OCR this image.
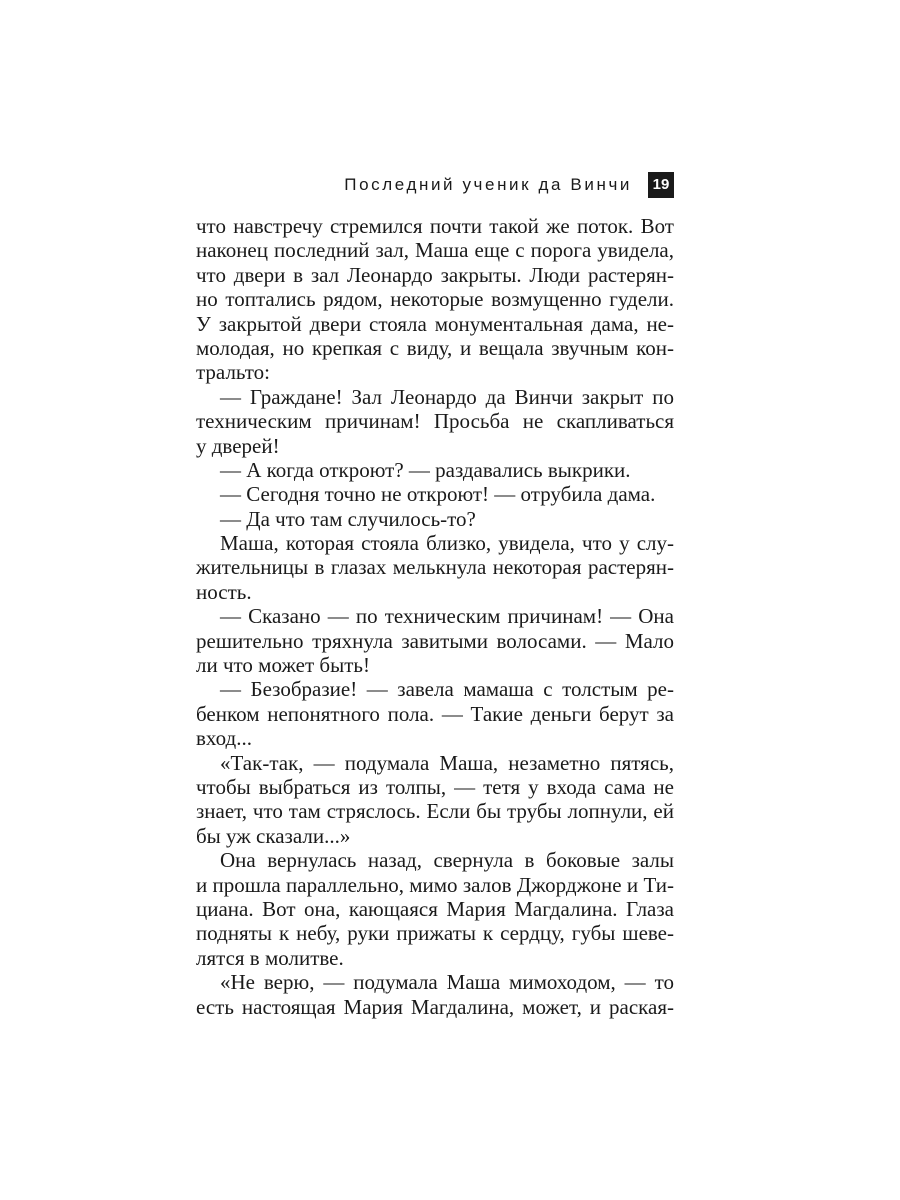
Последний ученик да Винчи	19
что навстречу стремился почти такой же поток. Вот
наконец последний зал, Маша еще с порога увидела,
что двери в зал Леонардо закрыты. Люди растерян-
но топтались рядом, некоторые возмущенно гудели.
У закрытой двери стояла монументальная дама, не-
молодая, но крепкая с виду, и вещала звучным кон-
тральто:
— Граждане! Зал Леонардо да Винчи закрыт по
техническим причинам! Просьба не скапливаться
у дверей!
— А когда откроют? — раздавались выкрики.
— Сегодня точно не откроют! — отрубила дама.
— Да что там случилось-то?
Маша, которая стояла близко, увидела, что у слу-
жительницы в глазах мелькнула некоторая растерян-
ность.
— Сказано — по техническим причинам! — Она
решительно тряхнула завитыми волосами. — Мало
ли что может быть!
— Безобразие! — завела мамаша с толстым ре-
бенком непонятного пола. — Такие деньги берут за
вход...
«Так-так, — подумала Маша, незаметно пятясь,
чтобы выбраться из толпы, — тетя у входа сама не
знает, что там стряслось. Если бы трубы лопнули, ей
бы уж сказали...»
Она вернулась назад, свернула в боковые залы
и прошла параллельно, мимо залов Джорджоне и Ти-
циана. Вот она, кающаяся Мария Магдалина. Глаза
подняты к небу, руки прижаты к сердцу, губы шеве-
лятся в молитве.
«Не верю, — подумала Маша мимоходом, — то
есть настоящая Мария Магдалина, может, и раская-
